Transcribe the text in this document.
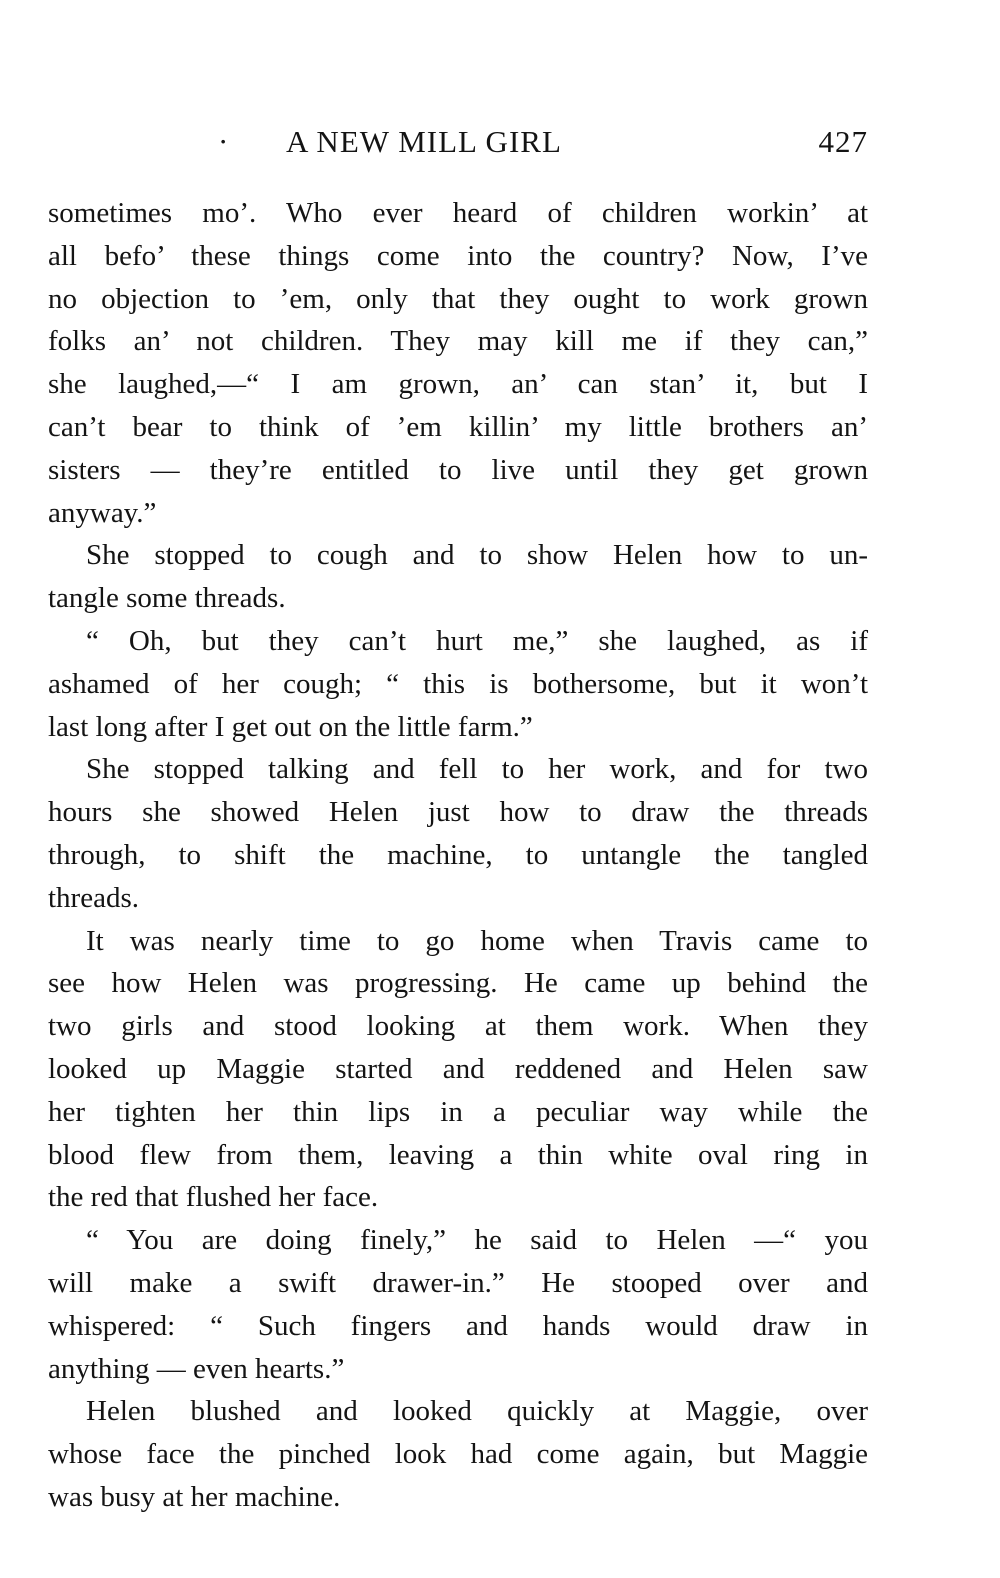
· A NEW MILL GIRL	427
sometimes mo’. Who ever heard of children workin’ at
all befo’ these things come into the country? Now, I’ve
no objection to ’em, only that they ought to work grown
folks an’ not children. They may kill me if they can,”
she laughed,—“ I am grown, an’ can stan’ it, but I
can’t bear to think of ’em killin’ my little brothers an’
sisters — they’re entitled to live until they get grown
anyway.”
She stopped to cough and to show Helen how to un-
tangle some threads.
“ Oh, but they can’t hurt me,” she laughed, as if
ashamed of her cough; “ this is bothersome, but it won’t
last long after I get out on the little farm.”
She stopped talking and fell to her work, and for two
hours she showed Helen just how to draw the threads
through, to shift the machine, to untangle the tangled
threads.
It was nearly time to go home when Travis came to
see how Helen was progressing. He came up behind the
two girls and stood looking at them work. When they
looked up Maggie started and reddened and Helen saw
her tighten her thin lips in a peculiar way while the
blood flew from them, leaving a thin white oval ring in
the red that flushed her face.
“ You are doing finely,” he said to Helen —“ you
will make a swift drawer-in.” He stooped over and
whispered: “ Such fingers and hands would draw in
anything — even hearts.”
Helen blushed and looked quickly at Maggie, over
whose face the pinched look had come again, but Maggie
was busy at her machine.
